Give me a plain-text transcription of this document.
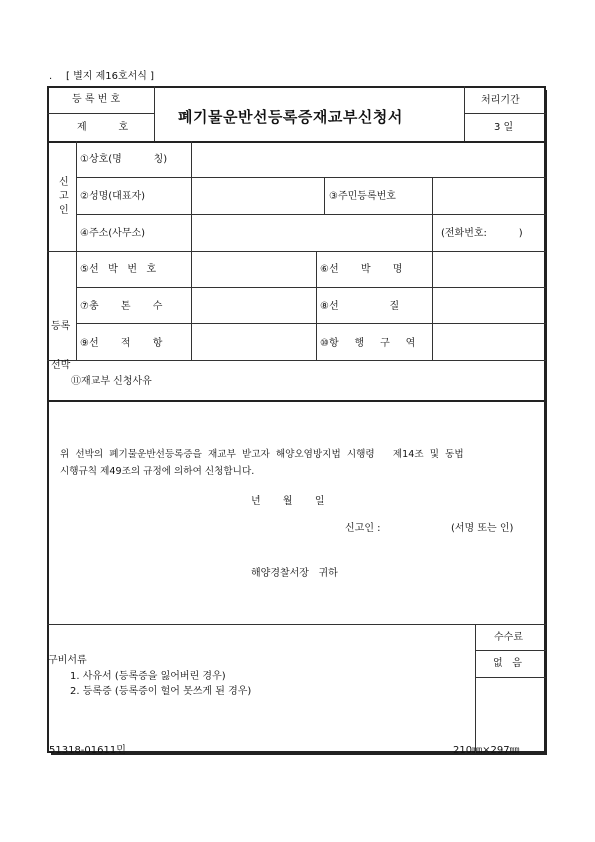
. [ 별지 제16호서식 ]
등 록 번 호
제          호
폐기물운반선등록증재교부신청서
처리기간
3 일
신
고
인
①상호(명          칭)
②성명(대표자)	③주민등록번호
④주소(사무소)	(전화번호:          )

등록

선박

⑤선   박   번   호	⑥선       박       명
⑦총       톤       수	⑧선                질
⑨선       적       항	⑩항     행     구     역
⑪재교부 신청사유
위  선박의  폐기물운반선등록증을  재교부  받고자  해양오염방지법  시행령      제14조  및  동법
시행규칙 제49조의 규정에 의하여 신청합니다.
년       월       일
신고인 :	(서명 또는 인)
해양경찰서장   귀하
구비서류
1. 사유서 (등록증을 잃어버린 경우)
2. 등록증 (등록증이 헐어 못쓰게 된 경우)
수수료
없   음
51318-01611민	210㎜×297㎜
